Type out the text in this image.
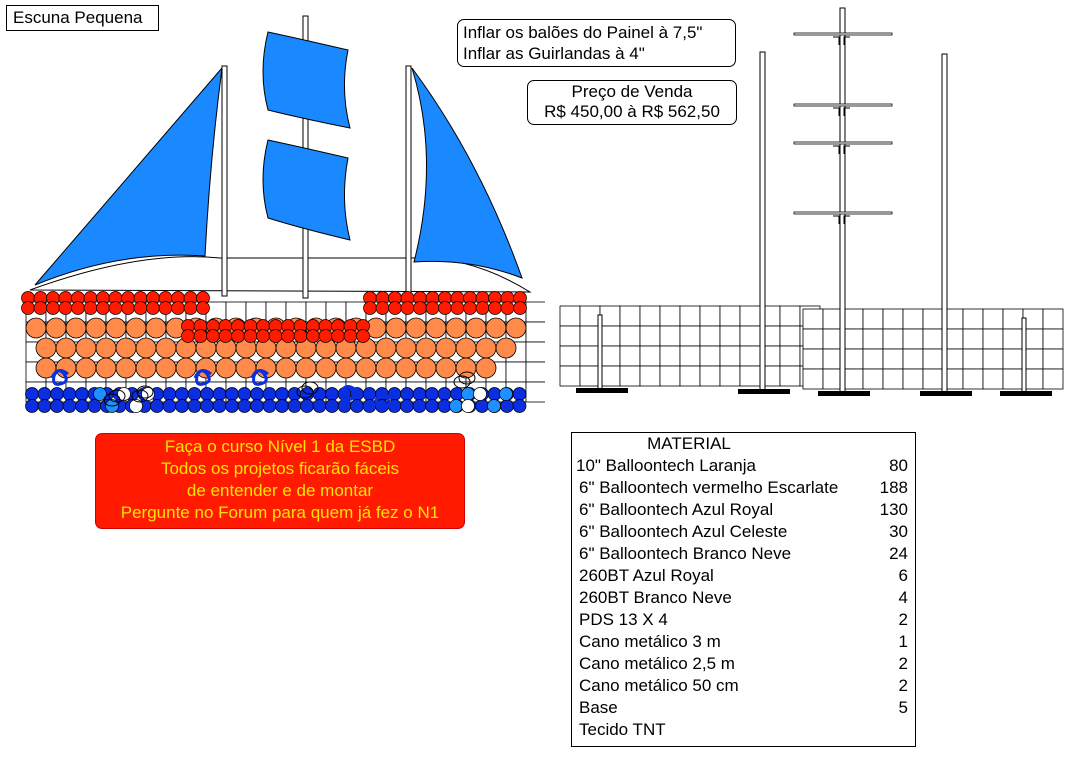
Escuna Pequena
Inflar os balões do Painel à 7,5"
Inflar as Guirlandas à 4"
Preço de Venda
R$ 450,00 à R$ 562,50
Faça o curso Nível 1 da ESBD
Todos os projetos ficarão fáceis
de entender e de montar
Pergunte no Forum para quem já fez o N1
MATERIAL
10" Balloontech Laranja	80
6" Balloontech vermelho Escarlate 188
6" Balloontech Azul Royal	130
6" Balloontech Azul Celeste	30
6" Balloontech Branco Neve	24
260BT Azul Royal	6
260BT Branco Neve	4
PDS 13 X 4	2
Cano metálico 3 m	1
Cano metálico 2,5 m	2
Cano metálico 50 cm	2
Base	5
Tecido TNT
